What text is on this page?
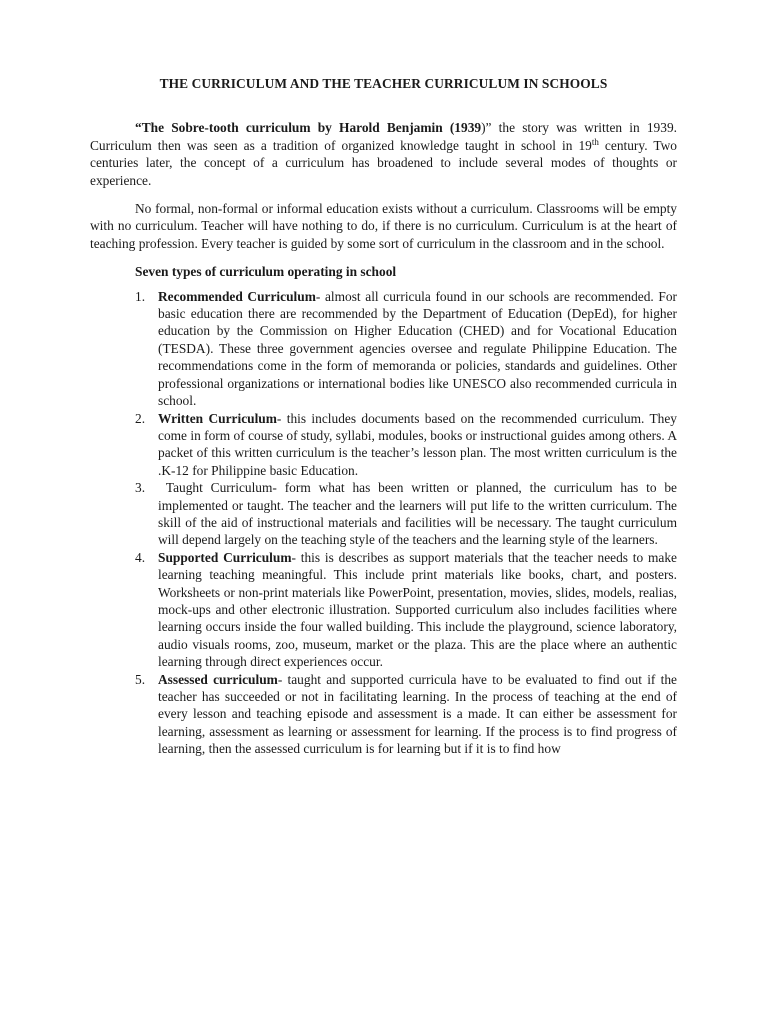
THE CURRICULUM AND THE TEACHER CURRICULUM IN SCHOOLS

“The Sobre-tooth curriculum by Harold Benjamin (1939)” the story was written in 1939. Curriculum then was seen as a tradition of organized knowledge taught in school in 19th century. Two centuries later, the concept of a curriculum has broadened to include several modes of thoughts or experience.

No formal, non-formal or informal education exists without a curriculum. Classrooms will be empty with no curriculum. Teacher will have nothing to do, if there is no curriculum. Curriculum is at the heart of teaching profession. Every teacher is guided by some sort of curriculum in the classroom and in the school.

Seven types of curriculum operating in school
1. Recommended Curriculum- almost all curricula found in our schools are recommended. For basic education there are recommended by the Department of Education (DepEd), for higher education by the Commission on Higher Education (CHED) and for Vocational Education (TESDA). These three government agencies oversee and regulate Philippine Education. The recommendations come in the form of memoranda or policies, standards and guidelines. Other professional organizations or international bodies like UNESCO also recommended curricula in school.
2. Written Curriculum- this includes documents based on the recommended curriculum. They come in form of course of study, syllabi, modules, books or instructional guides among others. A packet of this written curriculum is the teacher’s lesson plan. The most written curriculum is the .K-12 for Philippine basic Education.
3. Taught Curriculum- form what has been written or planned, the curriculum has to be implemented or taught. The teacher and the learners will put life to the written curriculum. The skill of the aid of instructional materials and facilities will be necessary. The taught curriculum will depend largely on the teaching style of the teachers and the learning style of the learners.
4. Supported Curriculum- this is describes as support materials that the teacher needs to make learning teaching meaningful. This include print materials like books, chart, and posters. Worksheets or non-print materials like PowerPoint, presentation, movies, slides, models, realias, mock-ups and other electronic illustration. Supported curriculum also includes facilities where learning occurs inside the four walled building. This include the playground, science laboratory, audio visuals rooms, zoo, museum, market or the plaza. This are the place where an authentic learning through direct experiences occur.
5. Assessed curriculum- taught and supported curricula have to be evaluated to find out if the teacher has succeeded or not in facilitating learning. In the process of teaching at the end of every lesson and teaching episode and assessment is a made. It can either be assessment for learning, assessment as learning or assessment for learning. If the process is to find progress of learning, then the assessed curriculum is for learning but if it is to find how
